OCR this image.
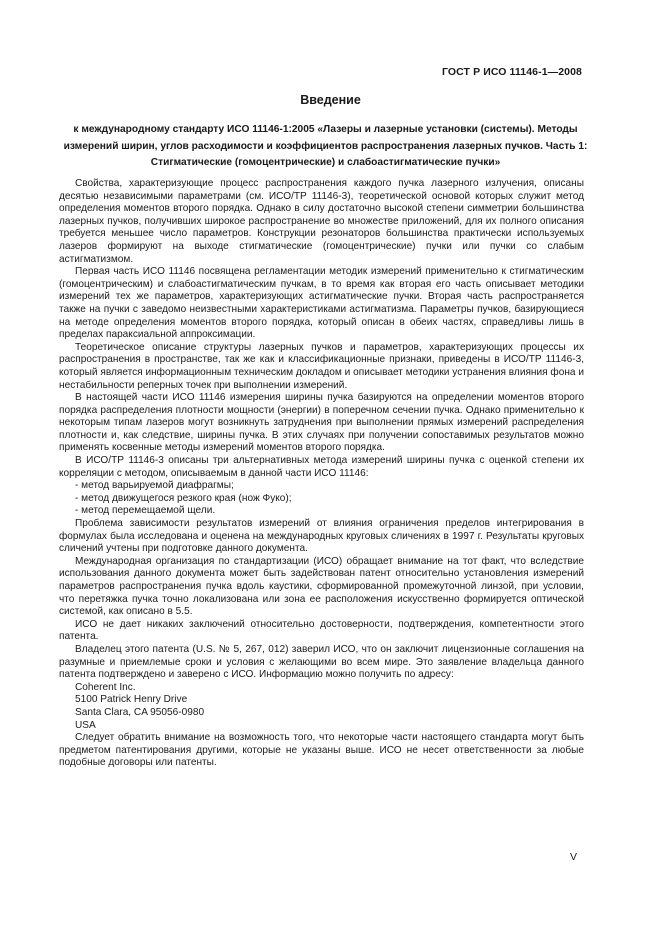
ГОСТ Р ИСО 11146-1—2008
Введение
к международному стандарту ИСО 11146-1:2005 «Лазеры и лазерные установки (системы). Методы измерений ширин, углов расходимости и коэффициентов распространения лазерных пучков. Часть 1: Стигматические (гомоцентрические) и слабоастигматические пучки»

Свойства, характеризующие процесс распространения каждого пучка лазерного излучения, описаны десятью независимыми параметрами (см. ИСО/ТР 11146-3), теоретической основой которых служит метод определения моментов второго порядка. Однако в силу достаточно высокой степени симметрии большинства лазерных пучков, получивших широкое распространение во множестве приложений, для их полного описания требуется меньшее число параметров. Конструкции резонаторов большинства практически используемых лазеров формируют на выходе стигматические (гомоцентрические) пучки или пучки со слабым астигматизмом.

Первая часть ИСО 11146 посвящена регламентации методик измерений применительно к стигматическим (гомоцентрическим) и слабоастигматическим пучкам, в то время как вторая его часть описывает методики измерений тех же параметров, характеризующих астигматические пучки. Вторая часть распространяется также на пучки с заведомо неизвестными характеристиками астигматизма. Параметры пучков, базирующиеся на методе определения моментов второго порядка, который описан в обеих частях, справедливы лишь в пределах параксиальной аппроксимации.

Теоретическое описание структуры лазерных пучков и параметров, характеризующих процессы их распространения в пространстве, так же как и классификационные признаки, приведены в ИСО/ТР 11146-3, который является информационным техническим докладом и описывает методики устранения влияния фона и нестабильности реперных точек при выполнении измерений.

В настоящей части ИСО 11146 измерения ширины пучка базируются на определении моментов второго порядка распределения плотности мощности (энергии) в поперечном сечении пучка. Однако применительно к некоторым типам лазеров могут возникнуть затруднения при выполнении прямых измерений распределения плотности и, как следствие, ширины пучка. В этих случаях при получении сопоставимых результатов можно применять косвенные методы измерений моментов второго порядка.

В ИСО/ТР 11146-3 описаны три альтернативных метода измерений ширины пучка с оценкой степени их корреляции с методом, описываемым в данной части ИСО 11146:

- метод варьируемой диафрагмы;

- метод движущегося резкого края (нож Фуко);

- метод перемещаемой щели.

Проблема зависимости результатов измерений от влияния ограничения пределов интегрирования в формулах была исследована и оценена на международных круговых сличениях в 1997 г. Результаты круговых сличений учтены при подготовке данного документа.

Международная организация по стандартизации (ИСО) обращает внимание на тот факт, что вследствие использования данного документа может быть задействован патент относительно установления измерений параметров распространения пучка вдоль каустики, сформированной промежуточной линзой, при условии, что перетяжка пучка точно локализована или зона ее расположения искусственно формируется оптической системой, как описано в 5.5.

ИСО не дает никаких заключений относительно достоверности, подтверждения, компетентности этого патента.

Владелец этого патента (U.S. № 5, 267, 012) заверил ИСО, что он заключит лицензионные соглашения на разумные и приемлемые сроки и условия с желающими во всем мире. Это заявление владельца данного патента подтверждено и заверено с ИСО. Информацию можно получить по адресу:

Coherent Inc.

5100 Patrick Henry Drive

Santa Clara, CA 95056-0980

USA

Следует обратить внимание на возможность того, что некоторые части настоящего стандарта могут быть предметом патентирования другими, которые не указаны выше. ИСО не несет ответственности за любые подобные договоры или патенты.

V
